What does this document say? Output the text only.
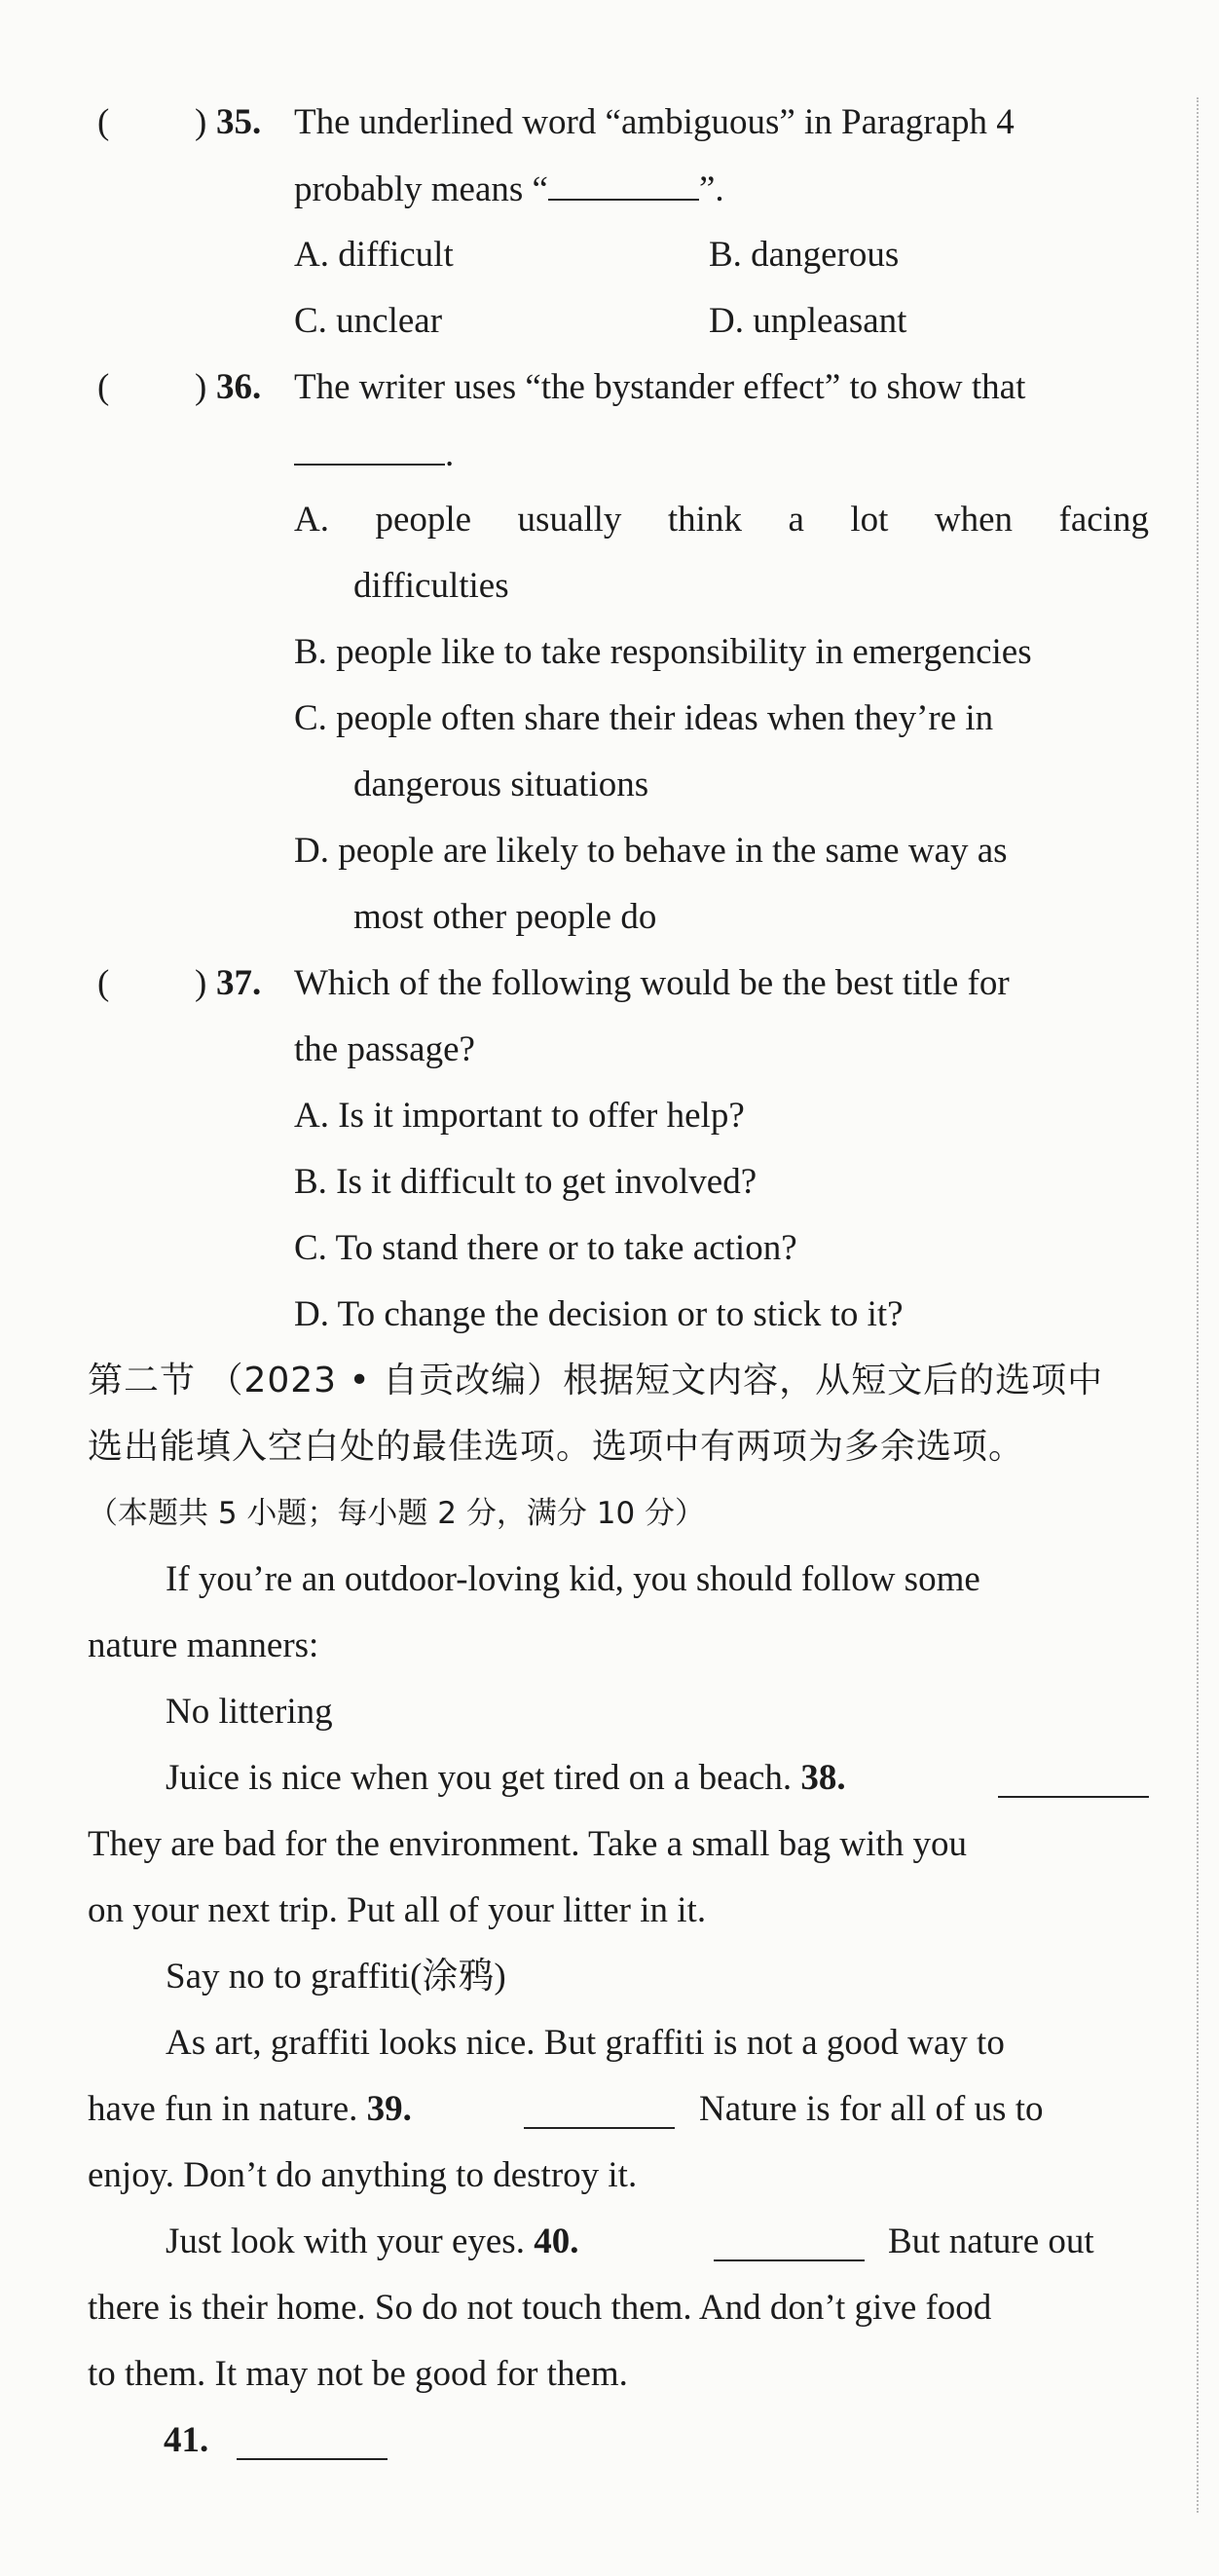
( ) 35. The underlined word “ambiguous” in Paragraph 4
probably means “	”.
A. difficult	B. dangerous
C. unclear	D. unpleasant
( ) 36. The writer uses “the bystander effect” to show that
.
A. people usually think a lot when facing
difficulties
B. people like to take responsibility in emergencies
C. people often share their ideas when they’re in
dangerous situations
D. people are likely to behave in the same way as
most other people do
( ) 37. Which of the following would be the best title for
the passage?
A. Is it important to offer help?
B. Is it difficult to get involved?
C. To stand there or to take action?
D. To change the decision or to stick to it?
第二节 （2023 • 自贡改编）根据短文内容，从短文后的选项中
选出能填入空白处的最佳选项。选项中有两项为多余选项。
（本题共 5 小题；每小题 2 分，满分 10 分）
If you’re an outdoor-loving kid, you should follow some
nature manners:
No littering
Juice is nice when you get tired on a beach. 38.
They are bad for the environment. Take a small bag with you
on your next trip. Put all of your litter in it.
Say no to graffiti(涂鸦)
As art, graffiti looks nice. But graffiti is not a good way to
have fun in nature. 39.	Nature is for all of us to
enjoy. Don’t do anything to destroy it.
Just look with your eyes. 40.	But nature out
there is their home. So do not touch them. And don’t give food
to them. It may not be good for them.
41.
